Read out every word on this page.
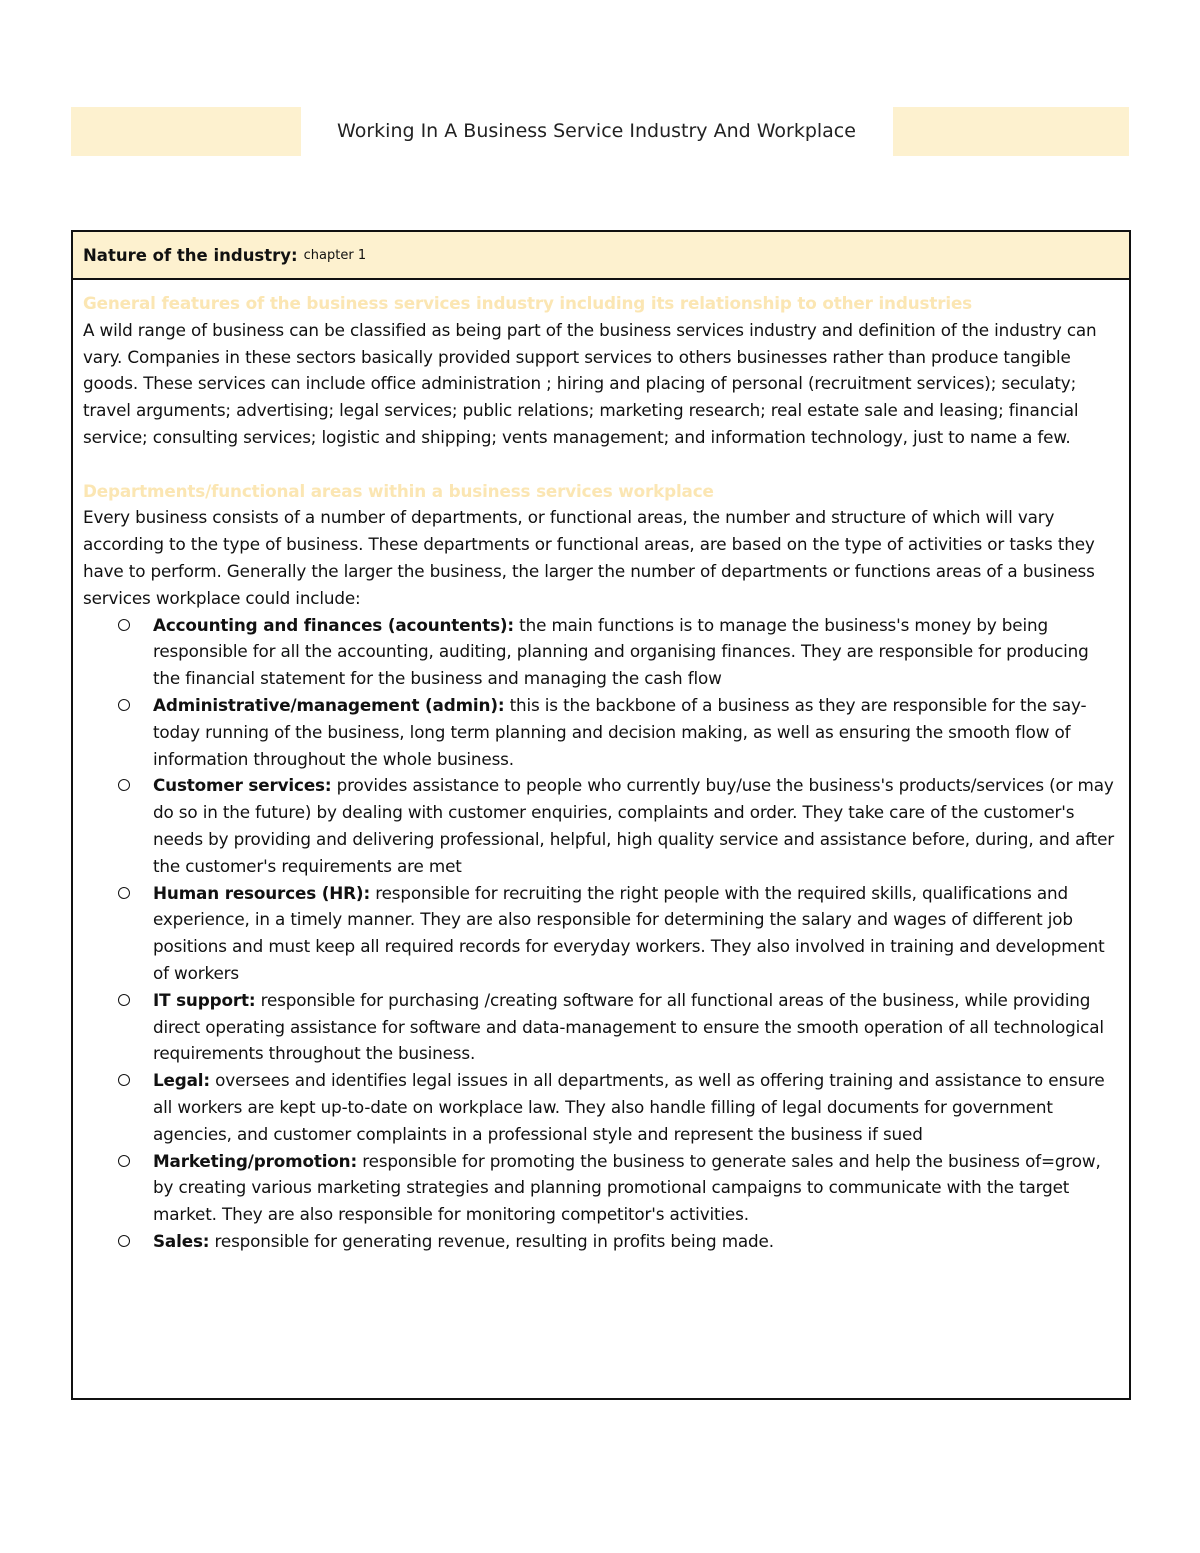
Working In A Business Service Industry And Workplace
Nature of the industry: chapter 1
General features of the business services industry including its relationship to other industries

A wild range of business can be classified as being part of the business services industry and definition of the industry can vary. Companies in these sectors basically provided support services to others businesses rather than produce tangible goods. These services can include office administration ; hiring and placing of personal (recruitment services); seculaty; travel arguments; advertising; legal services; public relations; marketing research; real estate sale and leasing; financial service; consulting services; logistic and shipping; vents management; and information technology, just to name a few.

Departments/functional areas within a business services workplace

Every business consists of a number of departments, or functional areas, the number and structure of which will vary according to the type of business. These departments or functional areas, are based on the type of activities or tasks they have to perform. Generally the larger the business, the larger the number of departments or functions areas of a business services workplace could include:

Accounting and finances (acountents): the main functions is to manage the business's money by being responsible for all the accounting, auditing, planning and organising finances. They are responsible for producing the financial statement for the business and managing the cash flow
Administrative/management (admin): this is the backbone of a business as they are responsible for the say-today running of the business, long term planning and decision making, as well as ensuring the smooth flow of information throughout the whole business.
Customer services: provides assistance to people who currently buy/use the business's products/services (or may do so in the future) by dealing with customer enquiries, complaints and order. They take care of the customer's needs by providing and delivering professional, helpful, high quality service and assistance before, during, and after the customer's requirements are met
Human resources (HR): responsible for recruiting the right people with the required skills, qualifications and experience, in a timely manner. They are also responsible for determining the salary and wages of different job positions and must keep all required records for everyday workers. They also involved in training and development of workers
IT support: responsible for purchasing /creating software for all functional areas of the business, while providing direct operating assistance for software and data-management to ensure the smooth operation of all technological requirements throughout the business.
Legal: oversees and identifies legal issues in all departments, as well as offering training and assistance to ensure all workers are kept up-to-date on workplace law. They also handle filling of legal documents for government agencies, and customer complaints in a professional style and represent the business if sued
Marketing/promotion: responsible for promoting the business to generate sales and help the business of=grow, by creating various marketing strategies and planning promotional campaigns to communicate with the target market. They are also responsible for monitoring competitor's activities.
Sales: responsible for generating revenue, resulting in profits being made.
